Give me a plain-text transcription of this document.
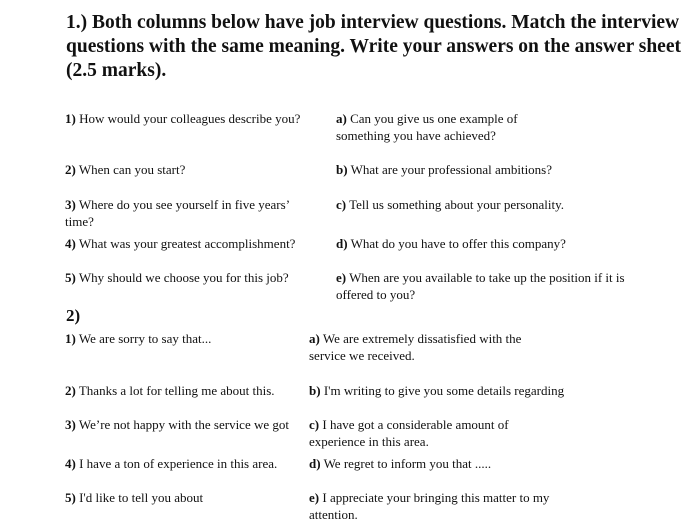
1.) Both columns below have job interview questions. Match the interview questions with the same meaning. Write your answers on the answer sheet (2.5 marks).
1) How would your colleagues describe you?
2) When can you start?
3) Where do you see yourself in five years’ time?
4) What was your greatest accomplishment?
5) Why should we choose you for this job?
a) Can you give us one example of something you have achieved?
b) What are your professional ambitions?
c) Tell us something about your personality.
d) What do you have to offer this company?
e) When are you available to take up the position if it is offered to you?
2)
1) We are sorry to say that...
2) Thanks a lot for telling me about this.
3) We’re not happy with the service we got
4) I have a ton of experience in this area.
5) I'd like to tell you about
a) We are extremely dissatisfied with the service we received.
b) I'm writing to give you some details regarding
c) I have got a considerable amount of experience in this area.
d) We regret to inform you that .....
e) I appreciate your bringing this matter to my attention.
